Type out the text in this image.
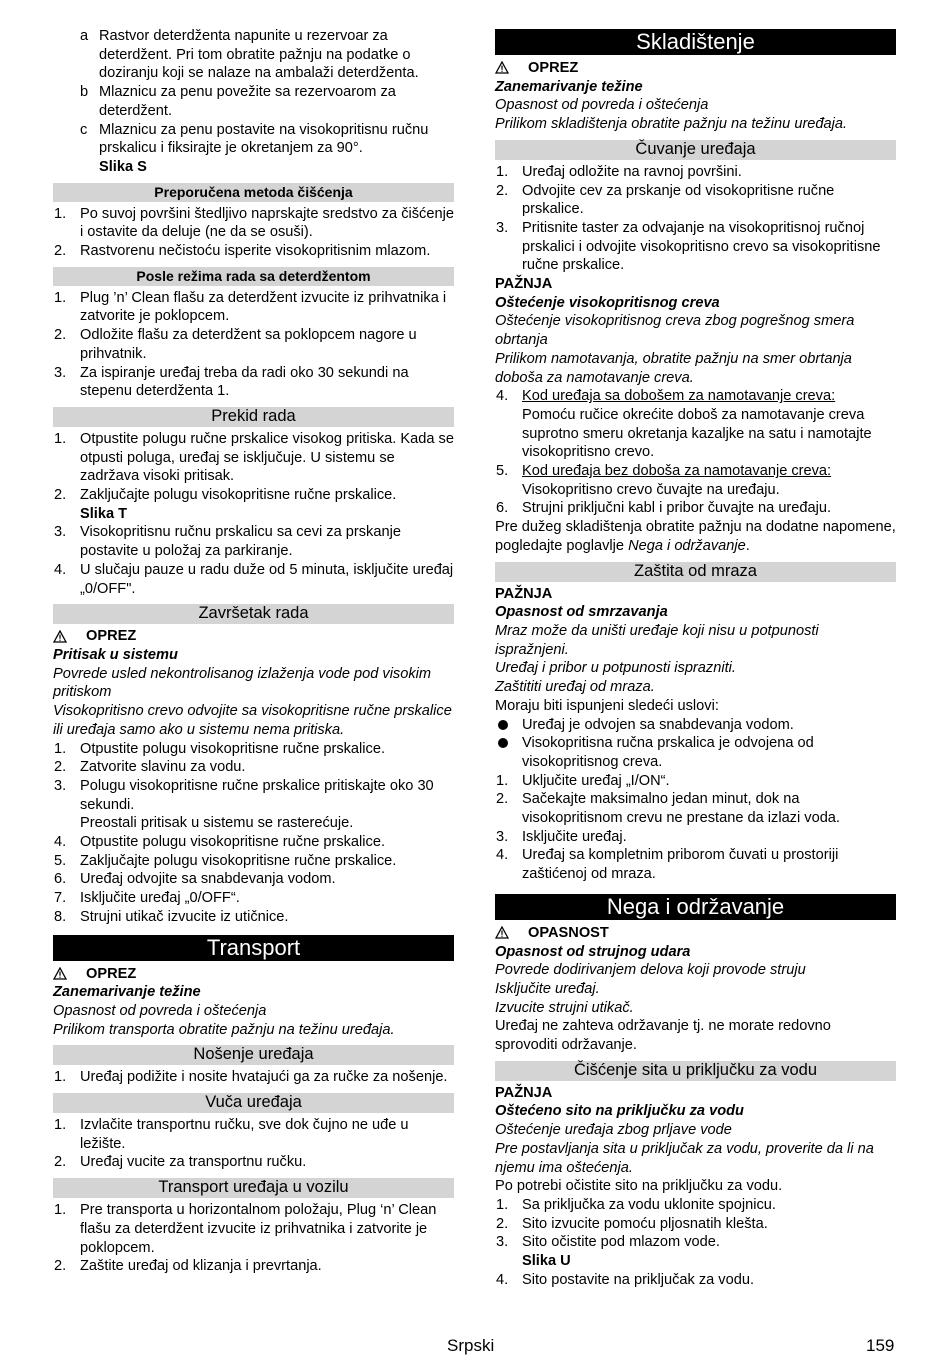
a Rastvor deterdženta napunite u rezervoar za deterdžent. Pri tom obratite pažnju na podatke o doziranju koji se nalaze na ambalaži deterdženta.
b Mlaznicu za penu povežite sa rezervoarom za deterdžent.
c Mlaznicu za penu postavite na visokopritisnu ručnu prskalicu i fiksirajte je okretanjem za 90°.
Slika S
Preporučena metoda čišćenja
1. Po suvoj površini štedljivo naprskajte sredstvo za čišćenje i ostavite da deluje (ne da se osuši).
2. Rastvorenu nečistoću isperite visokopritisnim mlazom.
Posle režima rada sa deterdžentom
1. Plug ’n’ Clean flašu za deterdžent izvucite iz prihvatnika i zatvorite je poklopcem.
2. Odložite flašu za deterdžent sa poklopcem nagore u prihvatnik.
3. Za ispiranje uređaj treba da radi oko 30 sekundi na stepenu deterdženta 1.
Prekid rada
1. Otpustite polugu ručne prskalice visokog pritiska. Kada se otpusti poluga, uređaj se isključuje. U sistemu se zadržava visoki pritisak.
2. Zaključajte polugu visokopritisne ručne prskalice.
Slika T
3. Visokopritisnu ručnu prskalicu sa cevi za prskanje postavite u položaj za parkiranje.
4. U slučaju pauze u radu duže od 5 minuta, isključite uređaj „0/OFF".
Završetak rada
OPREZ
Pritisak u sistemu
Povrede usled nekontrolisanog izlaženja vode pod visokim pritiskom
Visokopritisno crevo odvojite sa visokopritisne ručne prskalice ili uređaja samo ako u sistemu nema pritiska.
1. Otpustite polugu visokopritisne ručne prskalice.
2. Zatvorite slavinu za vodu.
3. Polugu visokopritisne ručne prskalice pritiskajte oko 30 sekundi.
Preostali pritisak u sistemu se rasterećuje.
4. Otpustite polugu visokopritisne ručne prskalice.
5. Zaključajte polugu visokopritisne ručne prskalice.
6. Uređaj odvojite sa snabdevanja vodom.
7. Isključite uređaj „0/OFF“.
8. Strujni utikač izvucite iz utičnice.
Transport
OPREZ
Zanemarivanje težine
Opasnost od povreda i oštećenja
Prilikom transporta obratite pažnju na težinu uređaja.
Nošenje uređaja
1. Uređaj podižite i nosite hvatajući ga za ručke za nošenje.
Vuča uređaja
1. Izvlačite transportnu ručku, sve dok čujno ne uđe u ležište.
2. Uređaj vucite za transportnu ručku.
Transport uređaja u vozilu
1. Pre transporta u horizontalnom položaju, Plug ‘n’ Clean flašu za deterdžent izvucite iz prihvatnika i zatvorite je poklopcem.
2. Zaštite uređaj od klizanja i prevrtanja.
Skladištenje
OPREZ
Zanemarivanje težine
Opasnost od povreda i oštećenja
Prilikom skladištenja obratite pažnju na težinu uređaja.
Čuvanje uređaja
1. Uređaj odložite na ravnoj površini.
2. Odvojite cev za prskanje od visokopritisne ručne prskalice.
3. Pritisnite taster za odvajanje na visokopritisnoj ručnoj prskalici i odvojite visokopritisno crevo sa visokopritisne ručne prskalice.
PAŽNJA
Oštećenje visokopritisnog creva
Oštećenje visokopritisnog creva zbog pogrešnog smera obrtanja
Prilikom namotavanja, obratite pažnju na smer obrtanja doboša za namotavanje creva.
4. Kod uređaja sa dobošem za namotavanje creva:
Pomoću ručice okrećite doboš za namotavanje creva suprotno smeru okretanja kazaljke na satu i namotajte visokopritisno crevo.
5. Kod uređaja bez doboša za namotavanje creva:
Visokopritisno crevo čuvajte na uređaju.
6. Strujni priključni kabl i pribor čuvajte na uređaju.
Pre dužeg skladištenja obratite pažnju na dodatne napomene, pogledajte poglavlje Nega i održavanje.
Zaštita od mraza
PAŽNJA
Opasnost od smrzavanja
Mraz može da uništi uređaje koji nisu u potpunosti ispražnjeni.
Uređaj i pribor u potpunosti isprazniti.
Zaštititi uređaj od mraza.
Moraju biti ispunjeni sledeći uslovi:
Uređaj je odvojen sa snabdevanja vodom.
Visokopritisna ručna prskalica je odvojena od visokopritisnog creva.
1. Uključite uređaj „I/ON“.
2. Sačekajte maksimalno jedan minut, dok na visokopritisnom crevu ne prestane da izlazi voda.
3. Isključite uređaj.
4. Uređaj sa kompletnim priborom čuvati u prostoriji zaštićenoj od mraza.
Nega i održavanje
OPASNOST
Opasnost od strujnog udara
Povrede dodirivanjem delova koji provode struju
Isključite uređaj.
Izvucite strujni utikač.
Uređaj ne zahteva održavanje tj. ne morate redovno sprovoditi održavanje.
Čišćenje sita u priključku za vodu
PAŽNJA
Oštećeno sito na priključku za vodu
Oštećenje uređaja zbog prljave vode
Pre postavljanja sita u priključak za vodu, proverite da li na njemu ima oštećenja.
Po potrebi očistite sito na priključku za vodu.
1. Sa priključka za vodu uklonite spojnicu.
2. Sito izvucite pomoću pljosnatih klešta.
3. Sito očistite pod mlazom vode.
Slika U
4. Sito postavite na priključak za vodu.
Srpski	159
